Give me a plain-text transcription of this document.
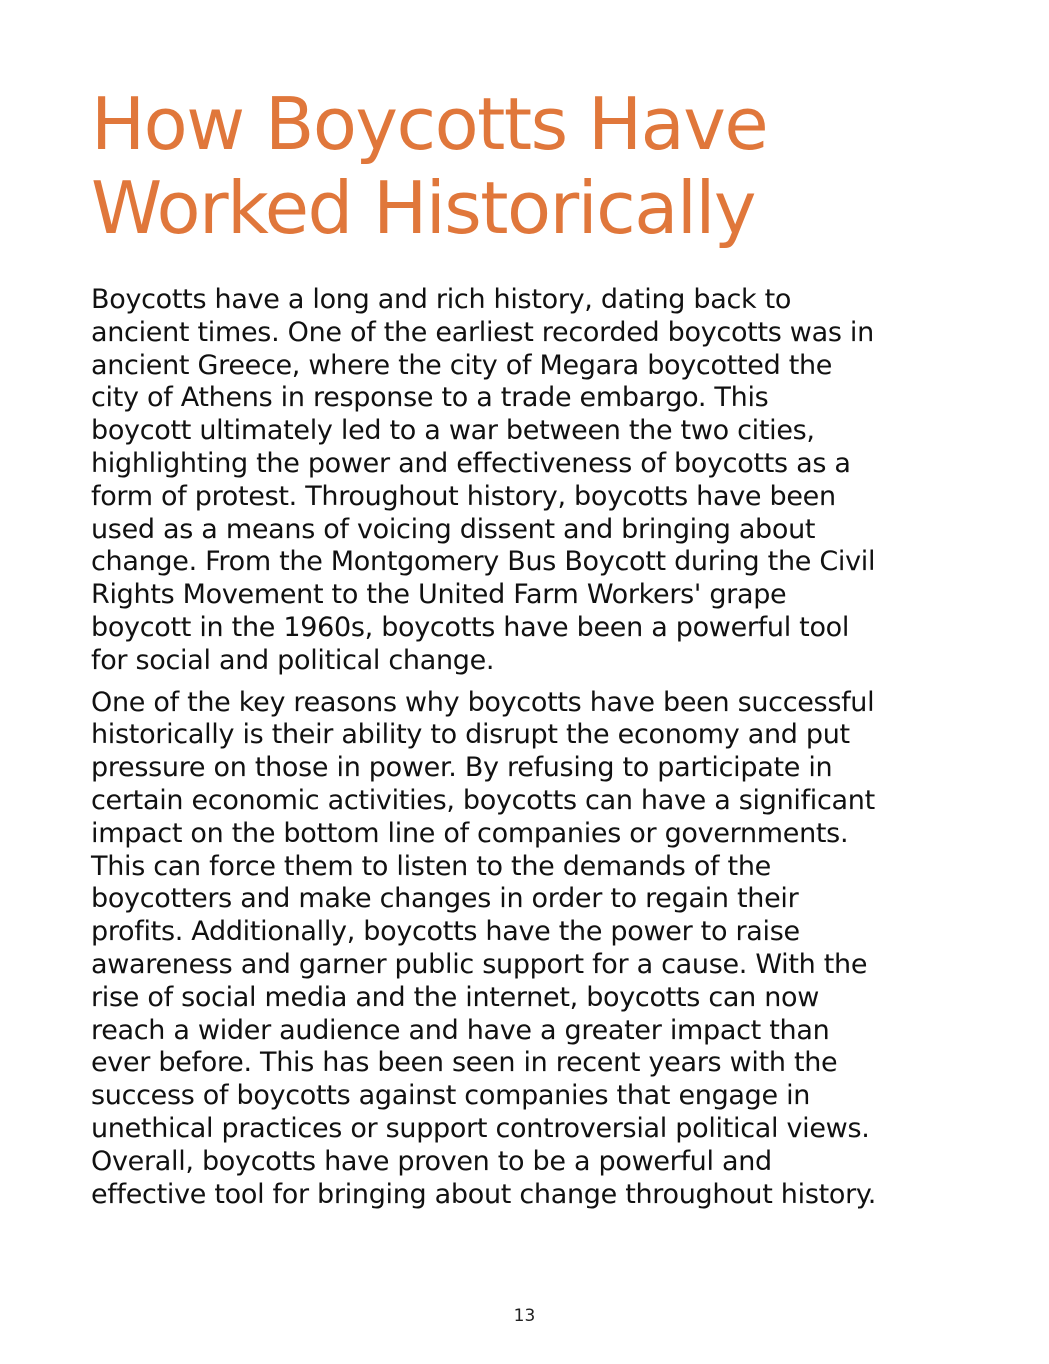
How Boycotts Have
Worked Historically

Boycotts have a long and rich history, dating back to
ancient times. One of the earliest recorded boycotts was in
ancient Greece, where the city of Megara boycotted the
city of Athens in response to a trade embargo. This
boycott ultimately led to a war between the two cities,
highlighting the power and effectiveness of boycotts as a
form of protest. Throughout history, boycotts have been
used as a means of voicing dissent and bringing about
change. From the Montgomery Bus Boycott during the Civil
Rights Movement to the United Farm Workers' grape
boycott in the 1960s, boycotts have been a powerful tool
for social and political change.

One of the key reasons why boycotts have been successful
historically is their ability to disrupt the economy and put
pressure on those in power. By refusing to participate in
certain economic activities, boycotts can have a significant
impact on the bottom line of companies or governments.
This can force them to listen to the demands of the
boycotters and make changes in order to regain their
profits. Additionally, boycotts have the power to raise
awareness and garner public support for a cause. With the
rise of social media and the internet, boycotts can now
reach a wider audience and have a greater impact than
ever before. This has been seen in recent years with the
success of boycotts against companies that engage in
unethical practices or support controversial political views.
Overall, boycotts have proven to be a powerful and
effective tool for bringing about change throughout history.

13
